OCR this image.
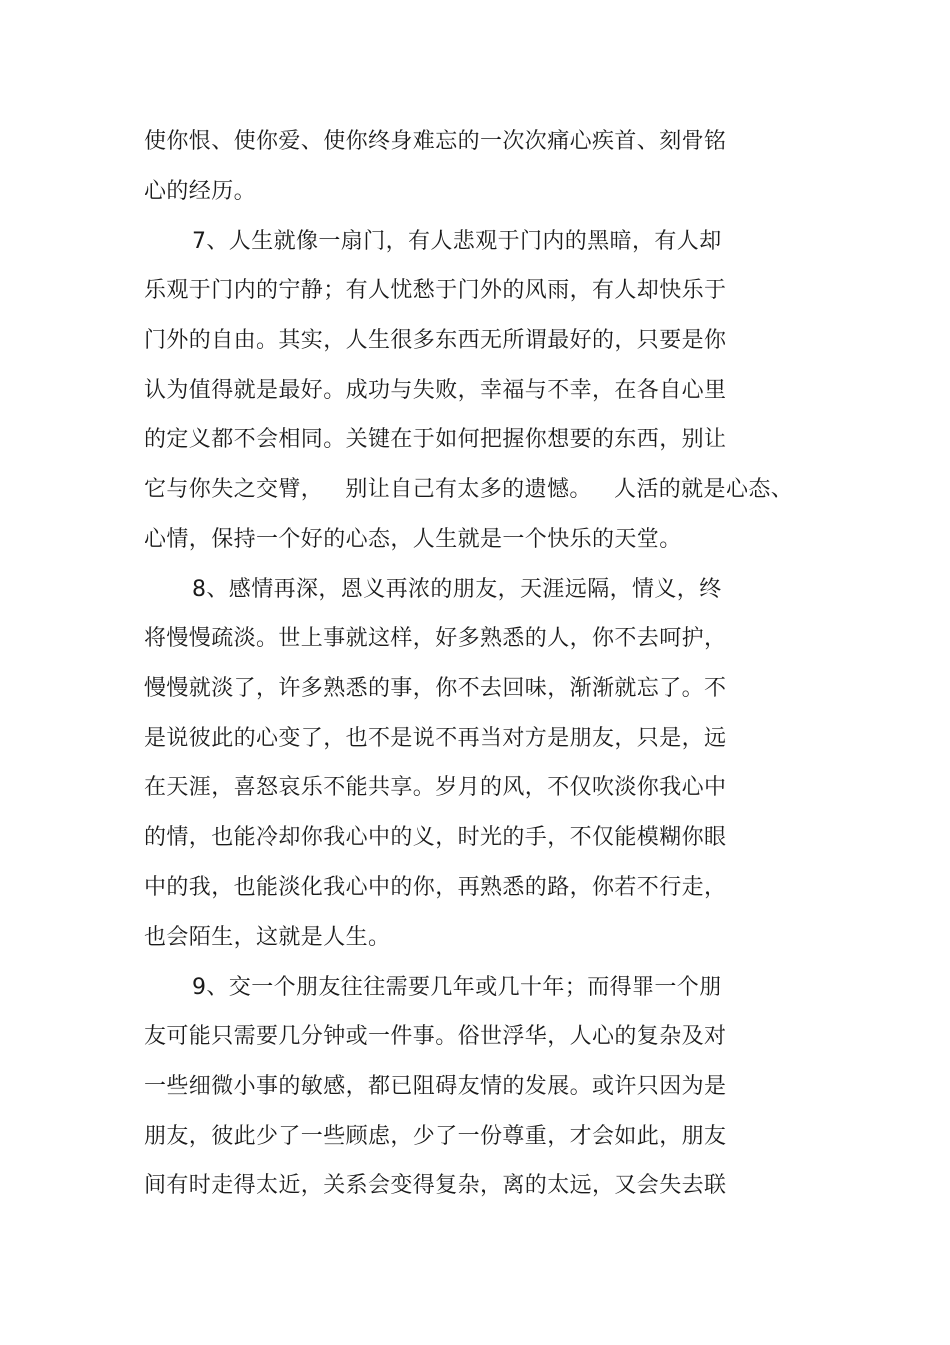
使你恨、使你爱、使你终身难忘的一次次痛心疾首、刻骨铭
心的经历。
7、人生就像一扇门，有人悲观于门内的黑暗，有人却
乐观于门内的宁静；有人忧愁于门外的风雨，有人却快乐于
门外的自由。其实，人生很多东西无所谓最好的，只要是你
认为值得就是最好。成功与失败，幸福与不幸，在各自心里
的定义都不会相同。关键在于如何把握你想要的东西，别让
它与你失之交臂，   别让自己有太多的遗憾。   人活的就是心态、
心情，保持一个好的心态，人生就是一个快乐的天堂。
8、感情再深，恩义再浓的朋友，天涯远隔，情义，终
将慢慢疏淡。世上事就这样，好多熟悉的人，你不去呵护，
慢慢就淡了，许多熟悉的事，你不去回味，渐渐就忘了。不
是说彼此的心变了，也不是说不再当对方是朋友，只是，远
在天涯，喜怒哀乐不能共享。岁月的风，不仅吹淡你我心中
的情，也能冷却你我心中的义，时光的手，不仅能模糊你眼
中的我，也能淡化我心中的你，再熟悉的路，你若不行走，
也会陌生，这就是人生。
9、交一个朋友往往需要几年或几十年；而得罪一个朋
友可能只需要几分钟或一件事。俗世浮华，人心的复杂及对
一些细微小事的敏感，都已阻碍友情的发展。或许只因为是
朋友，彼此少了一些顾虑，少了一份尊重，才会如此，朋友
间有时走得太近，关系会变得复杂，离的太远，又会失去联
